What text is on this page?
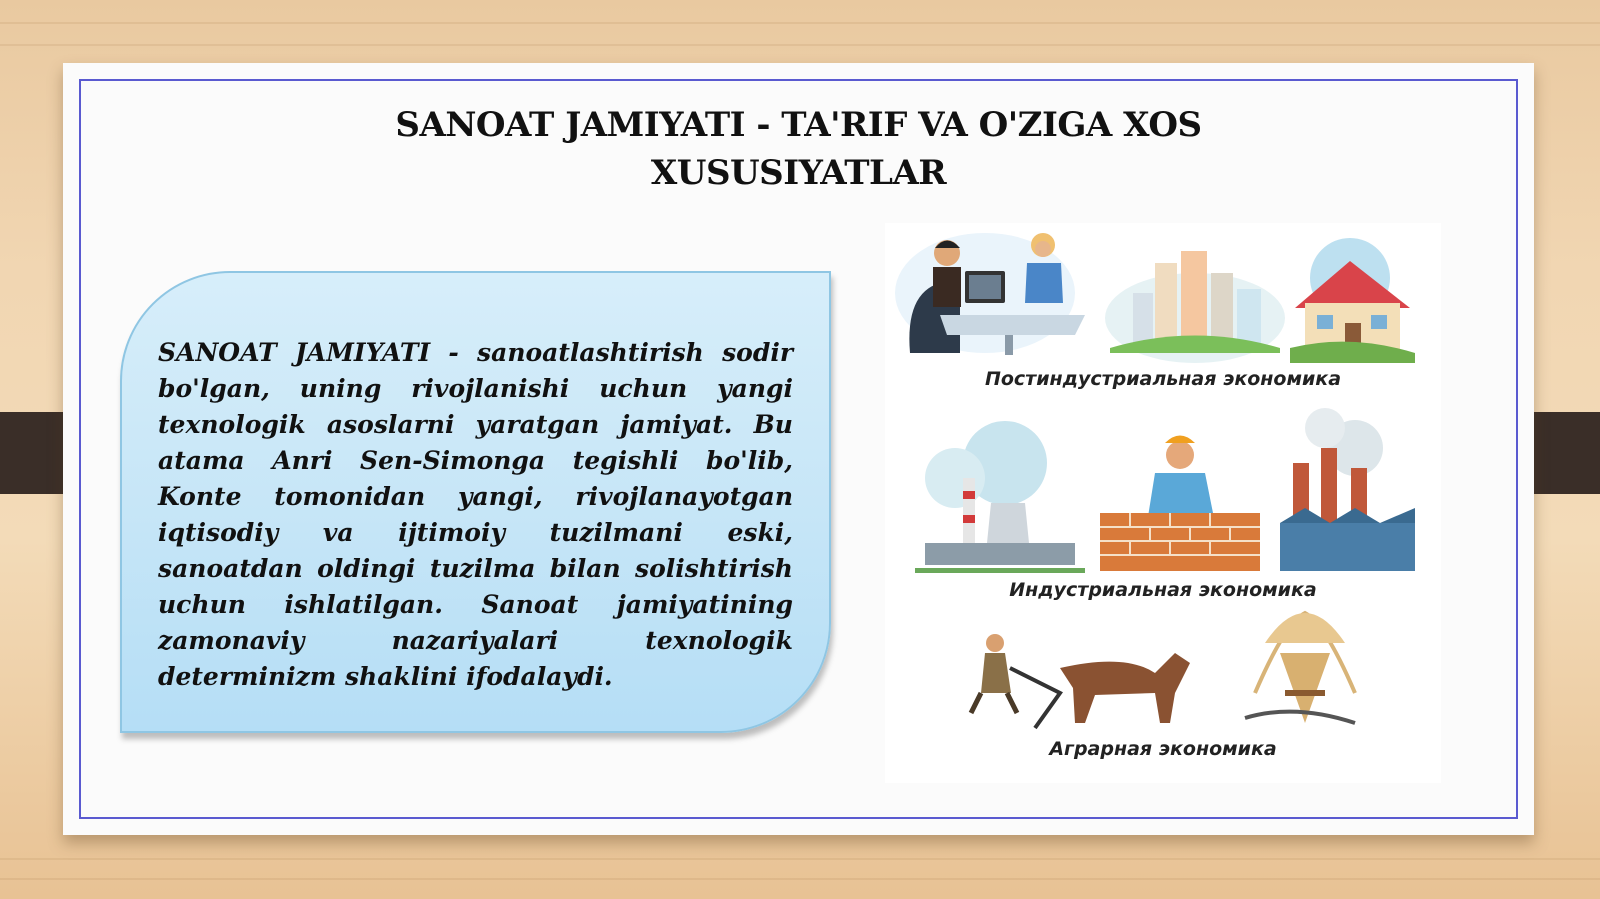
SANOAT JAMIYATI - TA'RIF VA O'ZIGA XOS
XUSUSIYATLAR

SANOAT JAMIYATI - sanoatlashtirish sodir bo'lgan, uning rivojlanishi uchun yangi texnologik asoslarni yaratgan jamiyat. Bu atama Anri Sen-Simonga tegishli bo'lib, Konte tomonidan yangi, rivojlanayotgan iqtisodiy va ijtimoiy tuzilmani eski, sanoatdan oldingi tuzilma bilan solishtirish uchun ishlatilgan. Sanoat jamiyatining zamonaviy nazariyalari texnologik determinizm shaklini ifodalaydi.

Постиндустриальная экономика
Индустриальная экономика
Аграрная экономика
